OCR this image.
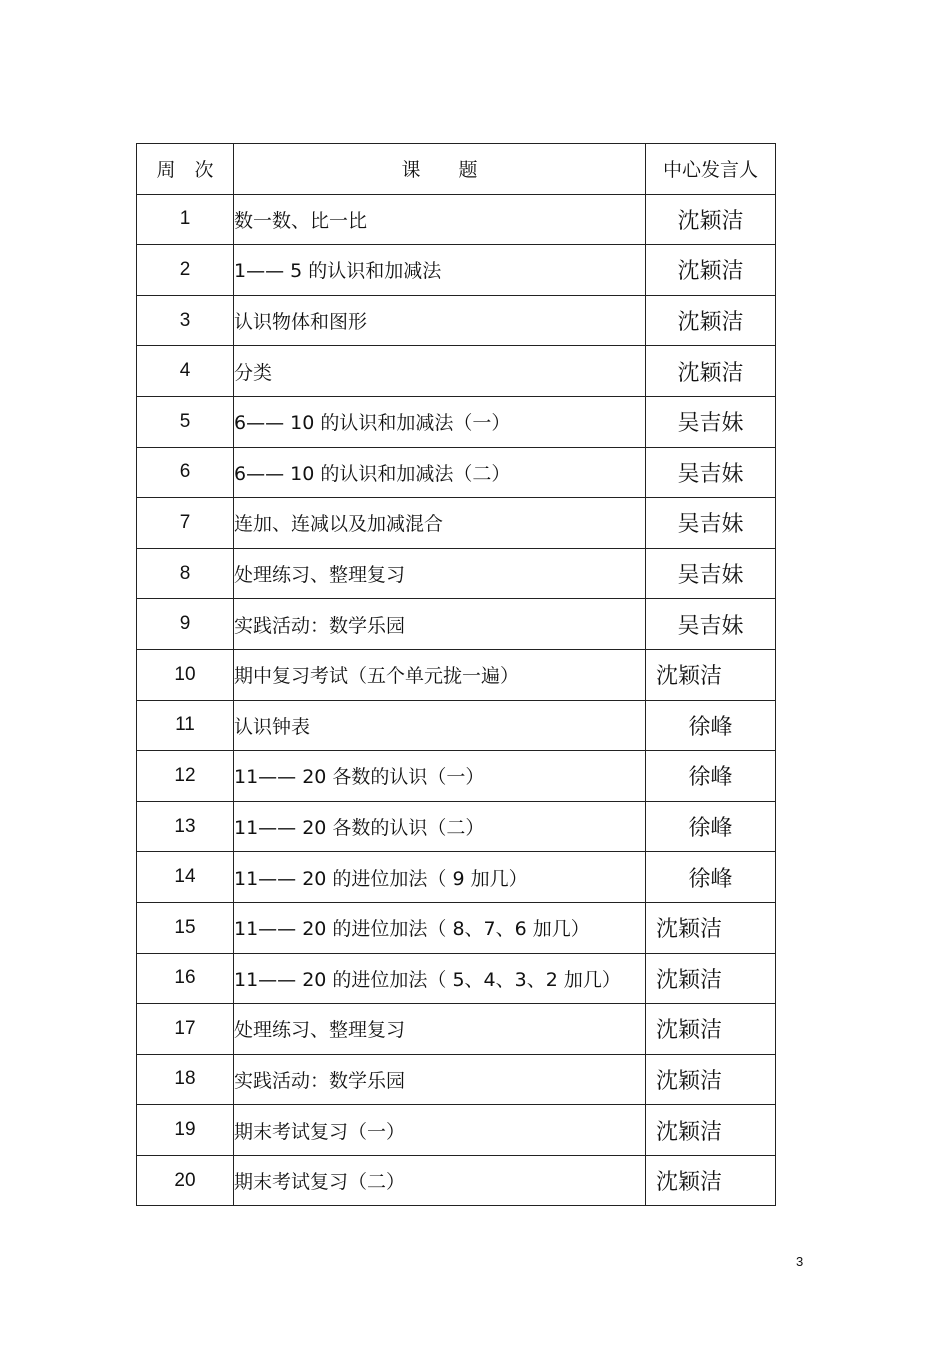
周　次	课　　题	中心发言人
1	数一数、比一比	沈颖洁
2	1—— 5 的认识和加减法	沈颖洁
3	认识物体和图形	沈颖洁
4	分类	沈颖洁
5	6—— 10 的认识和加减法（一）	吴吉妹
6	6—— 10 的认识和加减法（二）	吴吉妹
7	连加、连减以及加减混合	吴吉妹
8	处理练习、整理复习	吴吉妹
9	实践活动：数学乐园	吴吉妹
10	期中复习考试（五个单元拢一遍）	沈颖洁
11	认识钟表	徐峰
12	11—— 20 各数的认识（一）	徐峰
13	11—— 20 各数的认识（二）	徐峰
14	11—— 20 的进位加法（ 9 加几）	徐峰
15	11—— 20 的进位加法（ 8、7、6 加几）	沈颖洁
16	11—— 20 的进位加法（ 5、4、3、2 加几）	沈颖洁
17	处理练习、整理复习	沈颖洁
18	实践活动：数学乐园	沈颖洁
19	期末考试复习（一）	沈颖洁
20	期末考试复习（二）	沈颖洁
3
